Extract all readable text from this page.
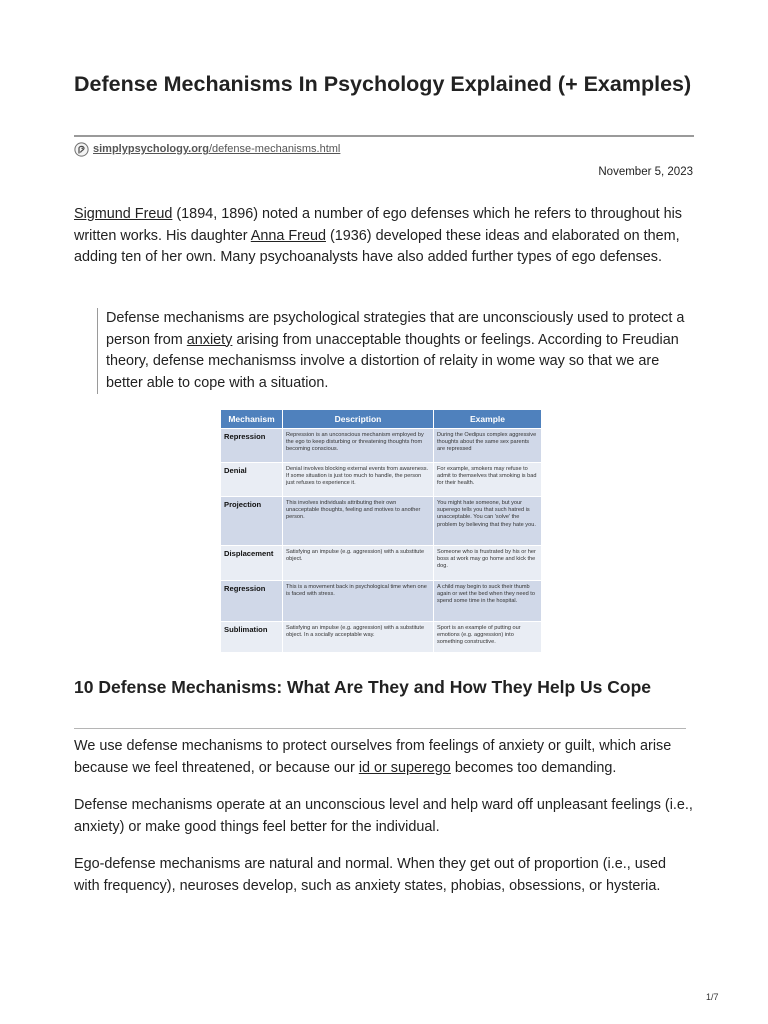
Defense Mechanisms In Psychology Explained (+ Examples)
simplypsychology.org/defense-mechanisms.html
November 5, 2023

Sigmund Freud (1894, 1896) noted a number of ego defenses which he refers to throughout his written works. His daughter Anna Freud (1936) developed these ideas and elaborated on them, adding ten of her own. Many psychoanalysts have also added further types of ego defenses.

Defense mechanisms are psychological strategies that are unconsciously used to protect a person from anxiety arising from unacceptable thoughts or feelings. According to Freudian theory, defense mechanismss involve a distortion of relaity in wome way so that we are better able to cope with a situation.

Mechanism	Description	Example
Repression	Repression is an unconscious mechanism employed by the ego to keep disturbing or threatening thoughts from becoming conscious.	During the Oedipus complex aggressive thoughts about the same sex parents are repressed
Denial	Denial involves blocking external events from awareness. If some situation is just too much to handle, the person just refuses to experience it.	For example, smokers may refuse to admit to themselves that smoking is bad for their health.
Projection	This involves individuals attributing their own unacceptable thoughts, feeling and motives to another person.	You might hate someone, but your superego tells you that such hatred is unacceptable. You can 'solve' the problem by believing that they hate you.
Displacement	Satisfying an impulse (e.g. aggression) with a substitute object.	Someone who is frustrated by his or her boss at work may go home and kick the dog.
Regression	This is a movement back in psychological time when one is faced with stress.	A child may begin to suck their thumb again or wet the bed when they need to spend some time in the hospital.
Sublimation	Satisfying an impulse (e.g. aggression) with a substitute object. In a socially acceptable way.	Sport is an example of putting our emotions (e.g. aggression) into something constructive.
10 Defense Mechanisms: What Are They and How They Help Us Cope

We use defense mechanisms to protect ourselves from feelings of anxiety or guilt, which arise because we feel threatened, or because our id or superego becomes too demanding.

Defense mechanisms operate at an unconscious level and help ward off unpleasant feelings (i.e., anxiety) or make good things feel better for the individual.

Ego-defense mechanisms are natural and normal. When they get out of proportion (i.e., used with frequency), neuroses develop, such as anxiety states, phobias, obsessions, or hysteria.

1/7
